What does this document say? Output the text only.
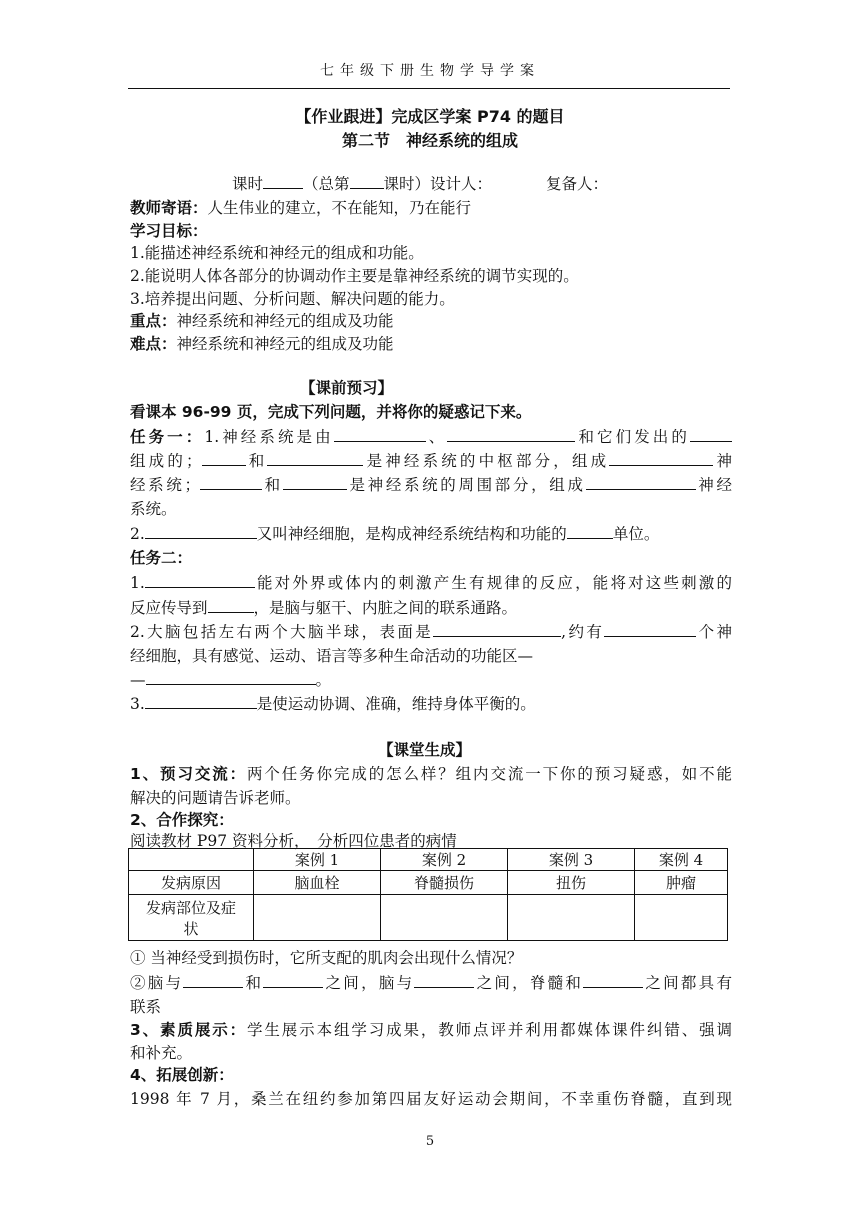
七年级下册生物学导学案
【作业跟进】完成区学案 P74 的题目
第二节　神经系统的组成
课时	（总第 课时）设计人：	复备人：
教师寄语：人生伟业的建立，不在能知，乃在能行
学习目标：
1.能描述神经系统和神经元的组成和功能。
2.能说明人体各部分的协调动作主要是靠神经系统的调节实现的。
3.培养提出问题、分析问题、解决问题的能力。
重点：神经系统和神经元的组成及功能
难点：神经系统和神经元的组成及功能
【课前预习】
看课本 96-99 页，完成下列问题，并将你的疑惑记下来。
任务一：1.神经系统是由	、	和它们发出的
组成的；	和	是神经系统的中枢部分，组成	神
经系统；	和	是神经系统的周围部分，组成	神经
系统。
2.	又叫神经细胞，是构成神经系统结构和功能的	单位。
任务二：
1.	能对外界或体内的刺激产生有规律的反应，能将对这些刺激的
反应传导到	，是脑与躯干、内脏之间的联系通路。
2.大脑包括左右两个大脑半球，表面是	,约有	个神
经细胞，具有感觉、运动、语言等多种生命活动的功能区—
—	。
3.	是使运动协调、准确，维持身体平衡的。
【课堂生成】
1、预习交流：两个任务你完成的怎么样？组内交流一下你的预习疑惑，如不能
解决的问题请告诉老师。
2、合作探究：
阅读教材 P97 资料分析，　分析四位患者的病情
	案例 1	案例 2	案例 3	案例 4
发病原因	脑血栓	脊髓损伤	扭伤	肿瘤

发病部位及症
状				

① 当神经受到损伤时，它所支配的肌肉会出现什么情况？
②脑与	和	之间，脑与	之间，脊髓和	之间都具有
联系
3、素质展示：学生展示本组学习成果，教师点评并利用都媒体课件纠错、强调
和补充。
4、拓展创新：
1998 年 7 月，桑兰在纽约参加第四届友好运动会期间，不幸重伤脊髓，直到现
5
